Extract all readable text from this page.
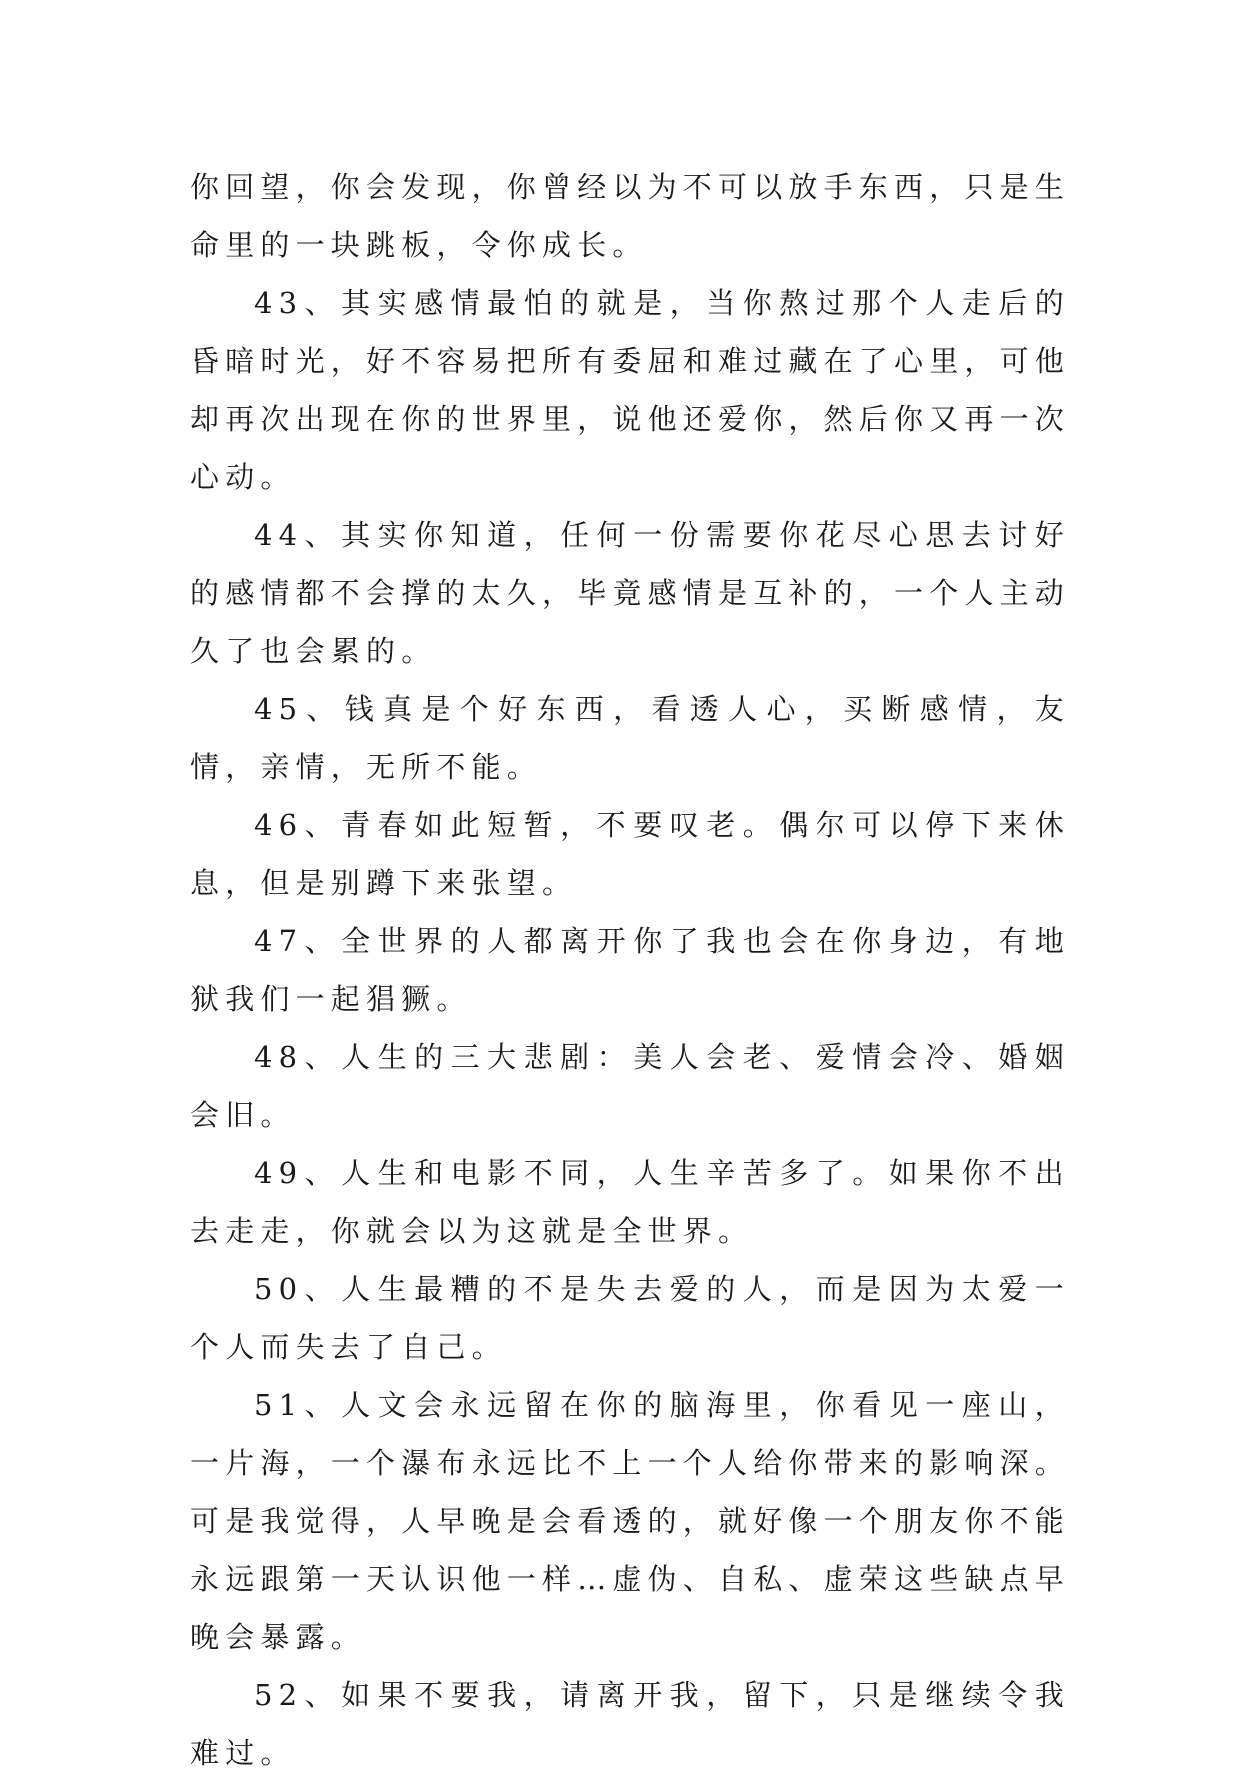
你回望，你会发现，你曾经以为不可以放手东西，只是生命里的一块跳板，令你成长。

43、其实感情最怕的就是，当你熬过那个人走后的昏暗时光，好不容易把所有委屈和难过藏在了心里，可他却再次出现在你的世界里，说他还爱你，然后你又再一次心动。

44、其实你知道，任何一份需要你花尽心思去讨好的感情都不会撑的太久，毕竟感情是互补的，一个人主动久了也会累的。

45、钱真是个好东西，看透人心，买断感情，友情，亲情，无所不能。

46、青春如此短暂，不要叹老。偶尔可以停下来休息，但是别蹲下来张望。

47、全世界的人都离开你了我也会在你身边，有地狱我们一起猖獗。

48、人生的三大悲剧：美人会老、爱情会冷、婚姻会旧。

49、人生和电影不同，人生辛苦多了。如果你不出去走走，你就会以为这就是全世界。

50、人生最糟的不是失去爱的人，而是因为太爱一个人而失去了自己。

51、人文会永远留在你的脑海里，你看见一座山，一片海，一个瀑布永远比不上一个人给你带来的影响深。可是我觉得，人早晚是会看透的，就好像一个朋友你不能永远跟第一天认识他一样…虚伪、自私、虚荣这些缺点早晚会暴露。

52、如果不要我，请离开我，留下，只是继续令我难过。
